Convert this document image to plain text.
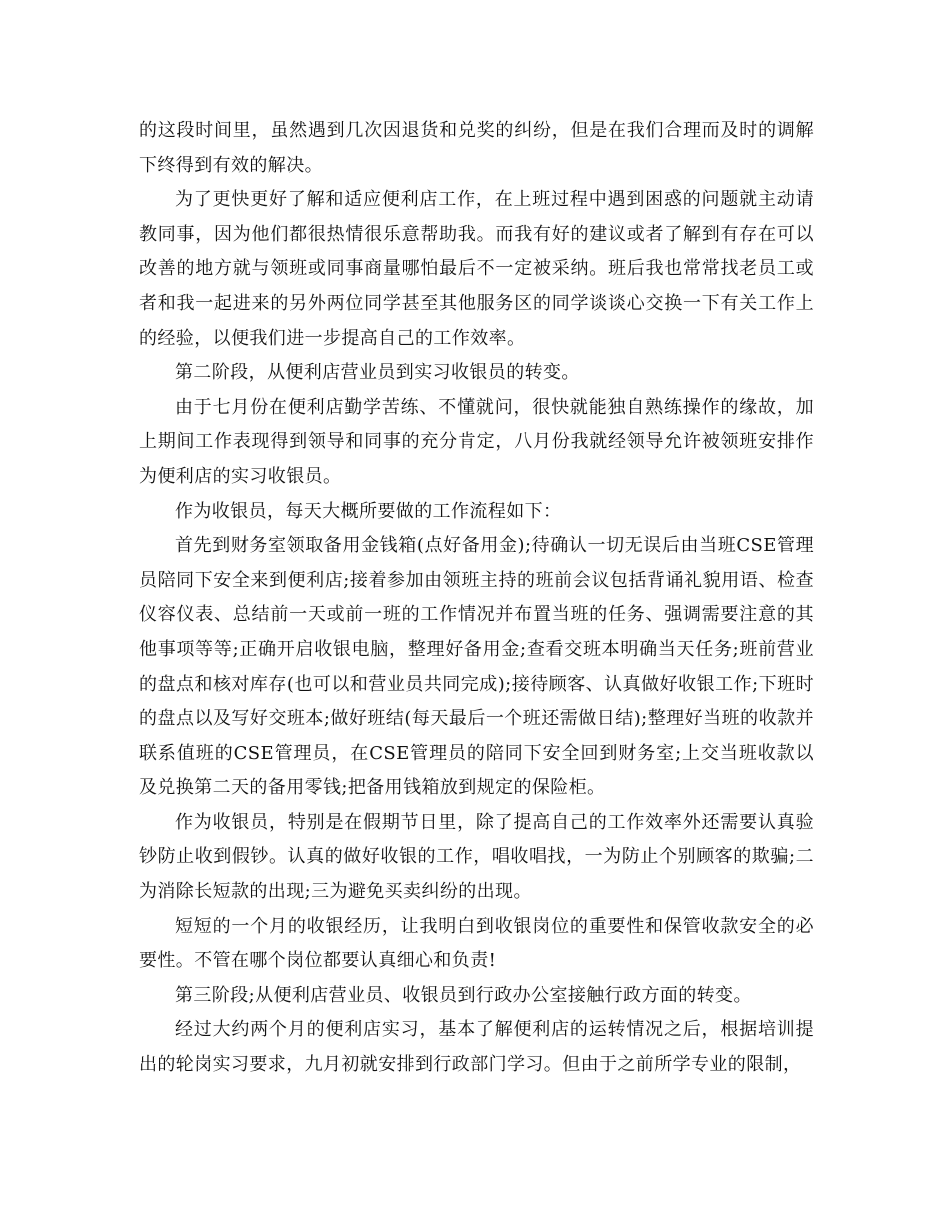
的这段时间里，虽然遇到几次因退货和兑奖的纠纷，但是在我们合理而及时的调解下终得到有效的解决。

为了更快更好了解和适应便利店工作，在上班过程中遇到困惑的问题就主动请教同事，因为他们都很热情很乐意帮助我。而我有好的建议或者了解到有存在可以改善的地方就与领班或同事商量哪怕最后不一定被采纳。班后我也常常找老员工或者和我一起进来的另外两位同学甚至其他服务区的同学谈谈心交换一下有关工作上的经验，以便我们进一步提高自己的工作效率。

第二阶段，从便利店营业员到实习收银员的转变。

由于七月份在便利店勤学苦练、不懂就问，很快就能独自熟练操作的缘故，加上期间工作表现得到领导和同事的充分肯定，八月份我就经领导允许被领班安排作为便利店的实习收银员。

作为收银员，每天大概所要做的工作流程如下：

首先到财务室领取备用金钱箱(点好备用金);待确认一切无误后由当班CSE管理员陪同下安全来到便利店;接着参加由领班主持的班前会议包括背诵礼貌用语、检查仪容仪表、总结前一天或前一班的工作情况并布置当班的任务、强调需要注意的其他事项等等;正确开启收银电脑，整理好备用金;查看交班本明确当天任务;班前营业的盘点和核对库存(也可以和营业员共同完成);接待顾客、认真做好收银工作;下班时的盘点以及写好交班本;做好班结(每天最后一个班还需做日结);整理好当班的收款并联系值班的CSE管理员，在CSE管理员的陪同下安全回到财务室;上交当班收款以及兑换第二天的备用零钱;把备用钱箱放到规定的保险柜。

作为收银员，特别是在假期节日里，除了提高自己的工作效率外还需要认真验钞防止收到假钞。认真的做好收银的工作，唱收唱找，一为防止个别顾客的欺骗;二为消除长短款的出现;三为避免买卖纠纷的出现。

短短的一个月的收银经历，让我明白到收银岗位的重要性和保管收款安全的必要性。不管在哪个岗位都要认真细心和负责!

第三阶段;从便利店营业员、收银员到行政办公室接触行政方面的转变。

经过大约两个月的便利店实习，基本了解便利店的运转情况之后，根据培训提出的轮岗实习要求，九月初就安排到行政部门学习。但由于之前所学专业的限制，
